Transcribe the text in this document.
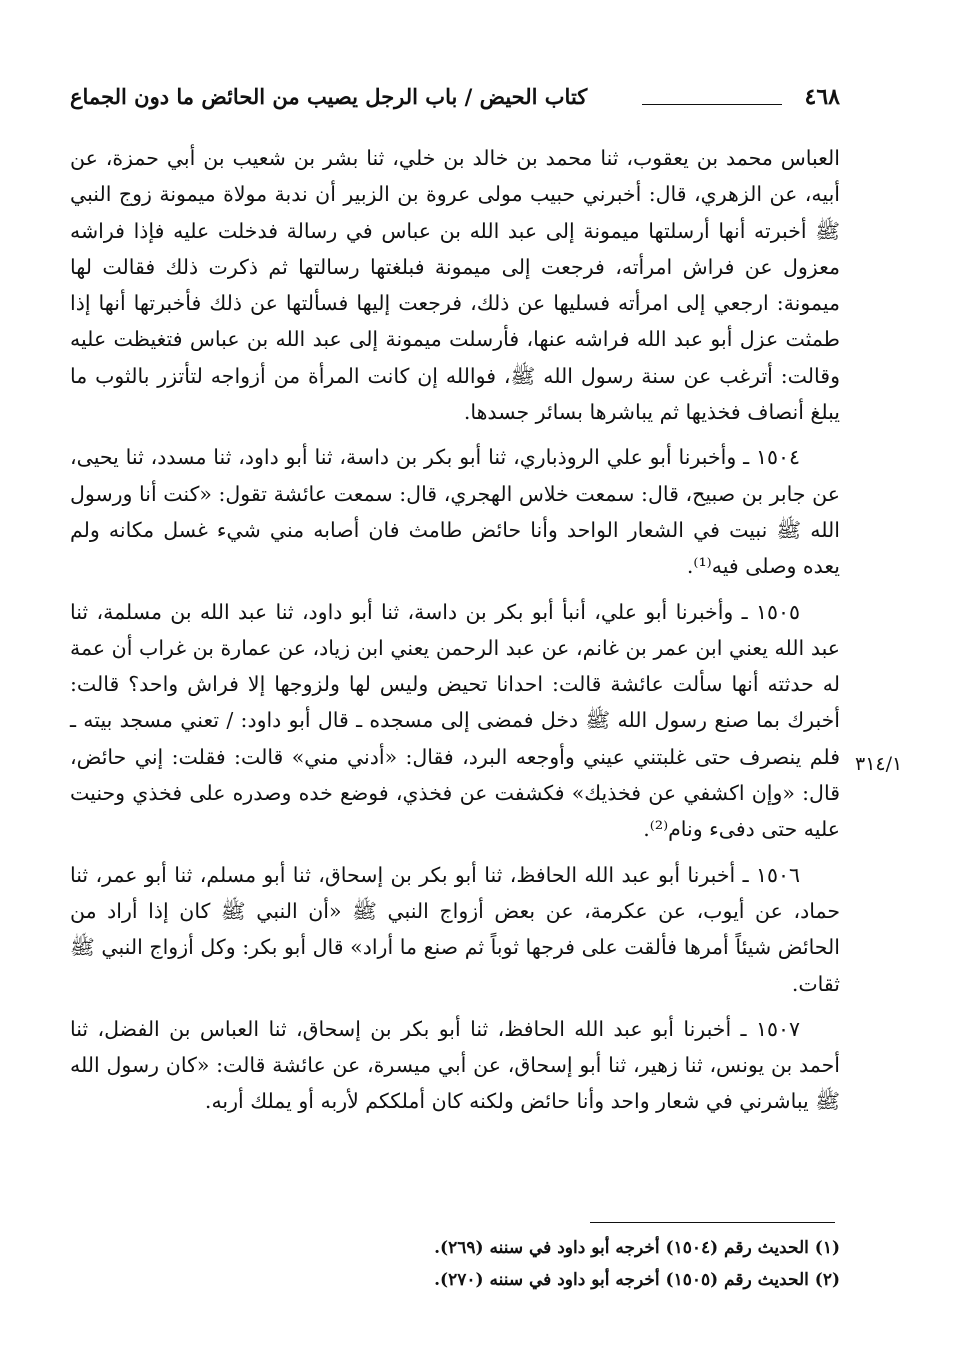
٤٦٨
كتاب الحيض / باب الرجل يصيب من الحائض ما دون الجماع

العباس محمد بن يعقوب، ثنا محمد بن خالد بن خلي، ثنا بشر بن شعيب بن أبي حمزة، عن أبيه، عن الزهري، قال: أخبرني حبيب مولى عروة بن الزبير أن ندبة مولاة ميمونة زوج النبي ﷺ أخبرته أنها أرسلتها ميمونة إلى عبد الله بن عباس في رسالة فدخلت عليه فإذا فراشه معزول عن فراش امرأته، فرجعت إلى ميمونة فبلغتها رسالتها ثم ذكرت ذلك فقالت لها ميمونة: ارجعي إلى امرأته فسليها عن ذلك، فرجعت إليها فسألتها عن ذلك فأخبرتها أنها إذا طمثت عزل أبو عبد الله فراشه عنها، فأرسلت ميمونة إلى عبد الله بن عباس فتغيظت عليه وقالت: أترغب عن سنة رسول الله ﷺ، فوالله إن كانت المرأة من أزواجه لتأتزر بالثوب ما يبلغ أنصاف فخذيها ثم يباشرها بسائر جسدها.

١٥٠٤ ـ وأخبرنا أبو علي الروذباري، ثنا أبو بكر بن داسة، ثنا أبو داود، ثنا مسدد، ثنا يحيى، عن جابر بن صبيح، قال: سمعت خلاس الهجري، قال: سمعت عائشة تقول: «كنت أنا ورسول الله ﷺ نبيت في الشعار الواحد وأنا حائض طامث فان أصابه مني شيء غسل مكانه ولم يعده وصلى فيه⁽¹⁾.

١٥٠٥ ـ وأخبرنا أبو علي، أنبأ أبو بكر بن داسة، ثنا أبو داود، ثنا عبد الله بن مسلمة، ثنا عبد الله يعني ابن عمر بن غانم، عن عبد الرحمن يعني ابن زياد، عن عمارة بن غراب أن عمة له حدثته أنها سألت عائشة قالت: احدانا تحيض وليس لها ولزوجها إلا فراش واحد؟ قالت: أخبرك بما صنع رسول الله ﷺ دخل فمضى إلى مسجده ـ قال أبو داود: / تعني مسجد بيته ـ فلم ينصرف حتى غلبتني عيني وأوجعه البرد، فقال: «أدني مني» قالت: فقلت: إني حائض، قال: «وإن اكشفي عن فخذيك» فكشفت عن فخذي، فوضع خده وصدره على فخذي وحنيت عليه حتى دفىء ونام⁽²⁾.

١٥٠٦ ـ أخبرنا أبو عبد الله الحافظ، ثنا أبو بكر بن إسحاق، ثنا أبو مسلم، ثنا أبو عمر، ثنا حماد، عن أيوب، عن عكرمة، عن بعض أزواج النبي ﷺ «أن النبي ﷺ كان إذا أراد من الحائض شيئاً أمرها فألقت على فرجها ثوباً ثم صنع ما أراد» قال أبو بكر: وكل أزواج النبي ﷺ ثقات.

١٥٠٧ ـ أخبرنا أبو عبد الله الحافظ، ثنا أبو بكر بن إسحاق، ثنا العباس بن الفضل، ثنا أحمد بن يونس، ثنا زهير، ثنا أبو إسحاق، عن أبي ميسرة، عن عائشة قالت: «كان رسول الله ﷺ يباشرني في شعار واحد وأنا حائض ولكنه كان أملككم لأربه أو يملك أربه.

٣١٤/١
(١) الحديث رقم (١٥٠٤) أخرجه أبو داود في سننه (٢٦٩).
(٢) الحديث رقم (١٥٠٥) أخرجه أبو داود في سننه (٢٧٠).
